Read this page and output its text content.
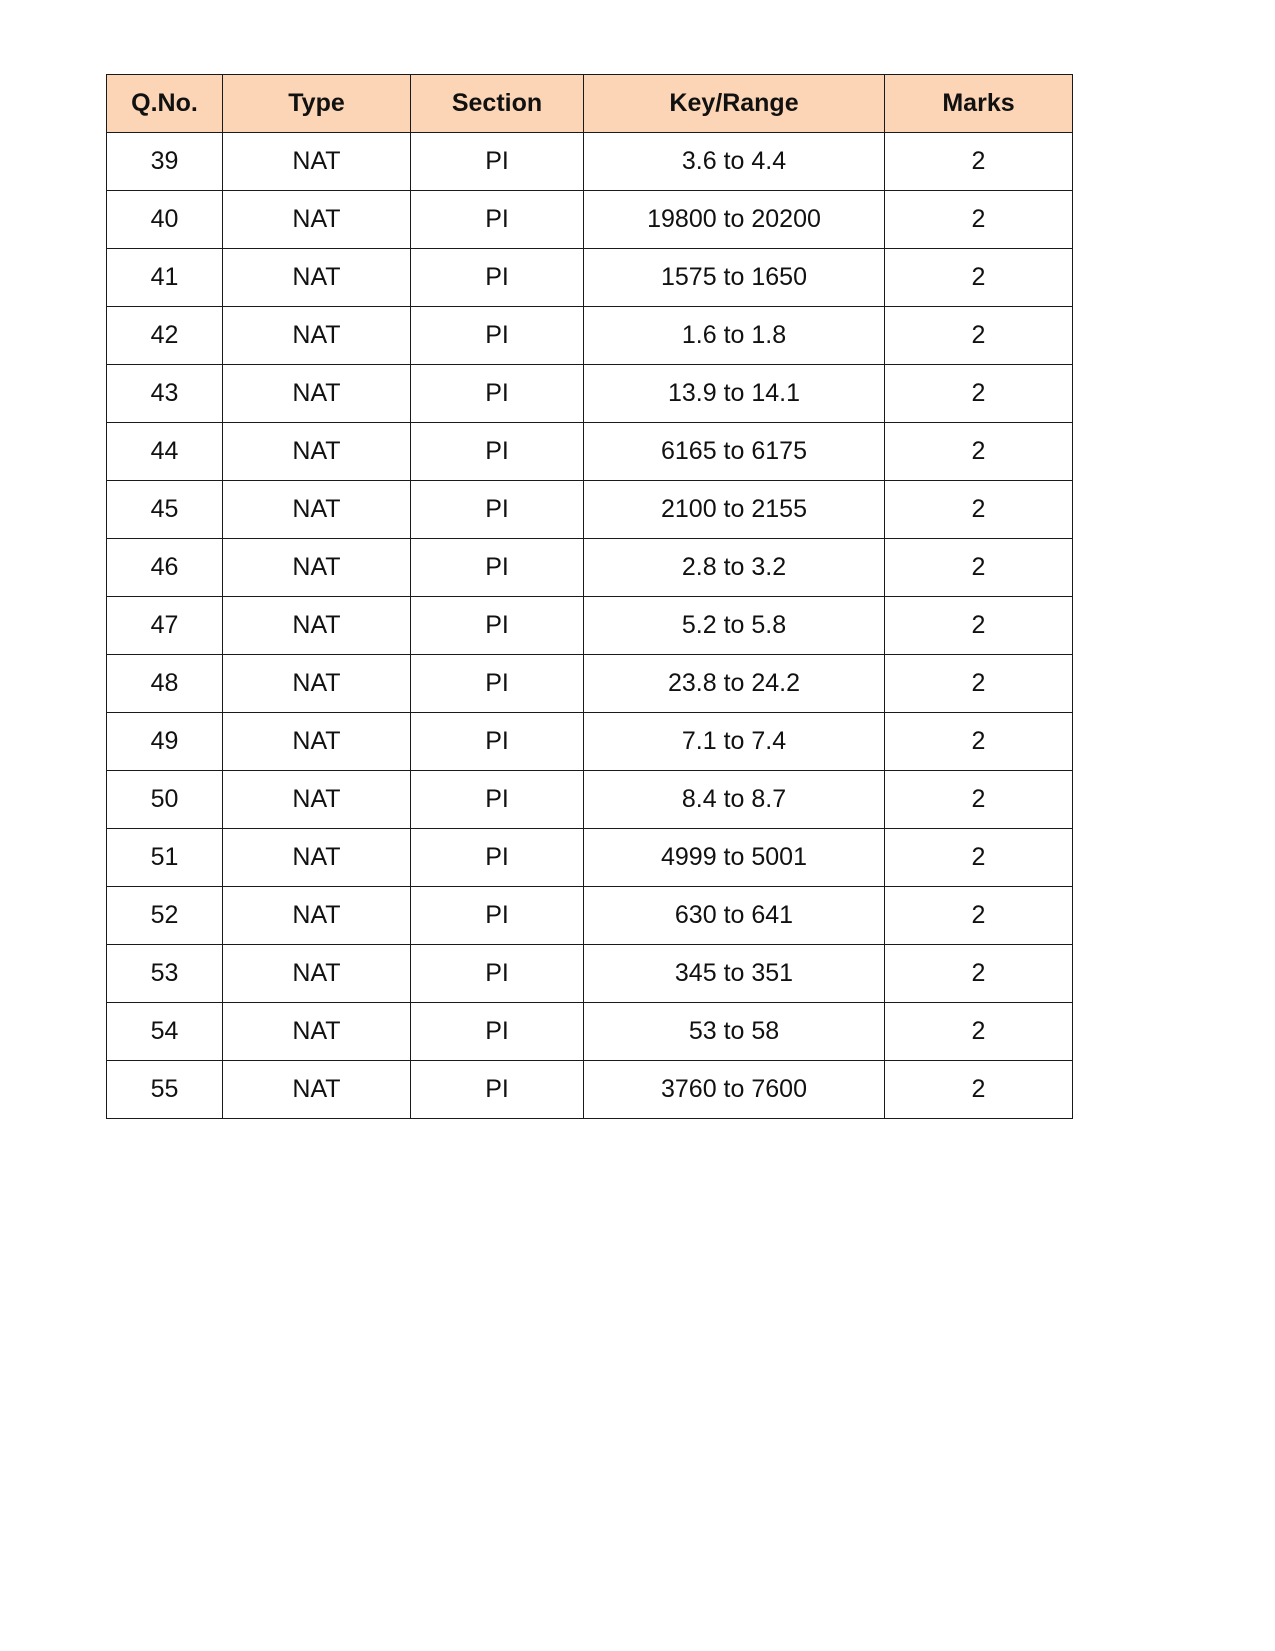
Q.No.	Type	Section	Key/Range	Marks
39	NAT	PI	3.6 to 4.4	2
40	NAT	PI	19800 to 20200	2
41	NAT	PI	1575 to 1650	2
42	NAT	PI	1.6 to 1.8	2
43	NAT	PI	13.9 to 14.1	2
44	NAT	PI	6165 to 6175	2
45	NAT	PI	2100 to 2155	2
46	NAT	PI	2.8 to 3.2	2
47	NAT	PI	5.2 to 5.8	2
48	NAT	PI	23.8 to 24.2	2
49	NAT	PI	7.1 to 7.4	2
50	NAT	PI	8.4 to 8.7	2
51	NAT	PI	4999 to 5001	2
52	NAT	PI	630 to 641	2
53	NAT	PI	345 to 351	2
54	NAT	PI	53 to 58	2
55	NAT	PI	3760 to 7600	2
